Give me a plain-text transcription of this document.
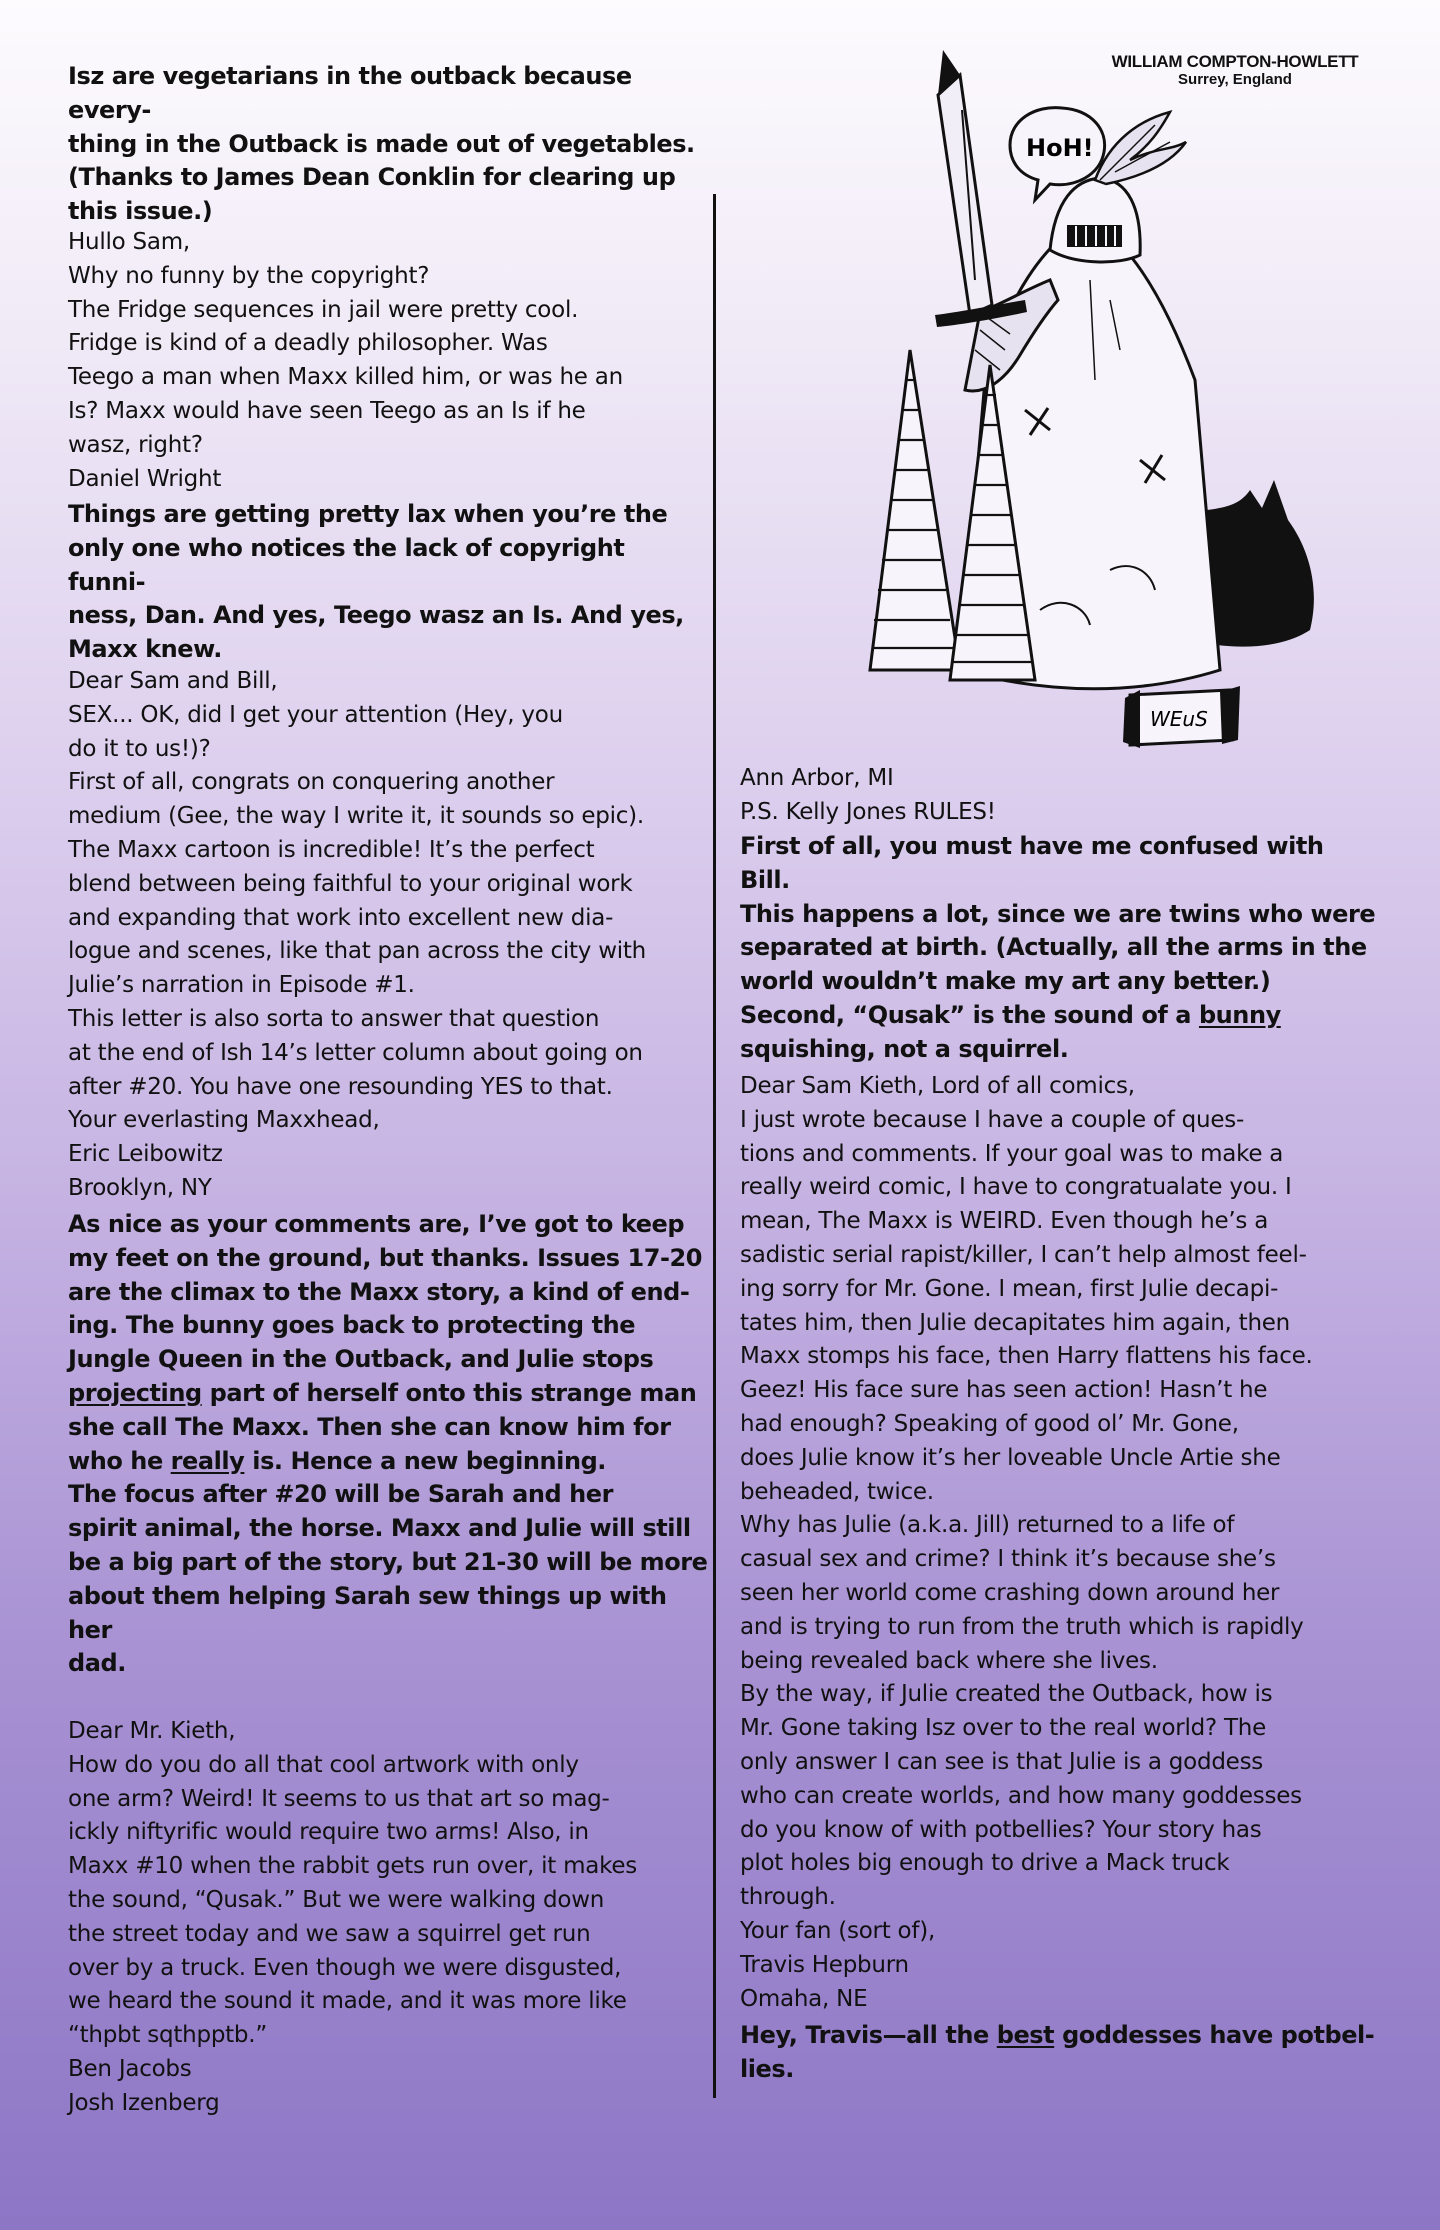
Isz are vegetarians in the outback because every-
thing in the Outback is made out of vegetables.
(Thanks to James Dean Conklin for clearing up
this issue.)

Hullo Sam,
Why no funny by the copyright?
The Fridge sequences in jail were pretty cool.
Fridge is kind of a deadly philosopher. Was
Teego a man when Maxx killed him, or was he an
Is? Maxx would have seen Teego as an Is if he
wasz, right?
Daniel Wright

Things are getting pretty lax when you’re the
only one who notices the lack of copyright funni-
ness, Dan. And yes, Teego wasz an Is. And yes,
Maxx knew.

Dear Sam and Bill,
SEX... OK, did I get your attention (Hey, you
do it to us!)?
First of all, congrats on conquering another
medium (Gee, the way I write it, it sounds so epic).
The Maxx cartoon is incredible! It’s the perfect
blend between being faithful to your original work
and expanding that work into excellent new dia-
logue and scenes, like that pan across the city with
Julie’s narration in Episode #1.
This letter is also sorta to answer that question
at the end of Ish 14’s letter column about going on
after #20. You have one resounding YES to that.
Your everlasting Maxxhead,
Eric Leibowitz
Brooklyn, NY

As nice as your comments are, I’ve got to keep
my feet on the ground, but thanks. Issues 17-20
are the climax to the Maxx story, a kind of end-
ing. The bunny goes back to protecting the
Jungle Queen in the Outback, and Julie stops
projecting part of herself onto this strange man
she call The Maxx. Then she can know him for
who he really is. Hence a new beginning.
The focus after #20 will be Sarah and her
spirit animal, the horse. Maxx and Julie will still
be a big part of the story, but 21-30 will be more
about them helping Sarah sew things up with her
dad.

Dear Mr. Kieth,
How do you do all that cool artwork with only
one arm? Weird! It seems to us that art so mag-
ickly niftyrific would require two arms! Also, in
Maxx #10 when the rabbit gets run over, it makes
the sound, “Qusak.” But we were walking down
the street today and we saw a squirrel get run
over by a truck. Even though we were disgusted,
we heard the sound it made, and it was more like
“thpbt sqthpptb.”
Ben Jacobs
Josh Izenberg

WILLIAM COMPTON-HOWLETT
Surrey, England
HoH!
WEuS

Ann Arbor, MI
P.S. Kelly Jones RULES!

First of all, you must have me confused with Bill.
This happens a lot, since we are twins who were
separated at birth. (Actually, all the arms in the
world wouldn’t make my art any better.)
Second, “Qusak” is the sound of a bunny
squishing, not a squirrel.

Dear Sam Kieth, Lord of all comics,
I just wrote because I have a couple of ques-
tions and comments. If your goal was to make a
really weird comic, I have to congratualate you. I
mean, The Maxx is WEIRD. Even though he’s a
sadistic serial rapist/killer, I can’t help almost feel-
ing sorry for Mr. Gone. I mean, first Julie decapi-
tates him, then Julie decapitates him again, then
Maxx stomps his face, then Harry flattens his face.
Geez! His face sure has seen action! Hasn’t he
had enough? Speaking of good ol’ Mr. Gone,
does Julie know it’s her loveable Uncle Artie she
beheaded, twice.
Why has Julie (a.k.a. Jill) returned to a life of
casual sex and crime? I think it’s because she’s
seen her world come crashing down around her
and is trying to run from the truth which is rapidly
being revealed back where she lives.
By the way, if Julie created the Outback, how is
Mr. Gone taking Isz over to the real world? The
only answer I can see is that Julie is a goddess
who can create worlds, and how many goddesses
do you know of with potbellies? Your story has
plot holes big enough to drive a Mack truck
through.
Your fan (sort of),
Travis Hepburn
Omaha, NE

Hey, Travis—all the best goddesses have potbel-
lies.
